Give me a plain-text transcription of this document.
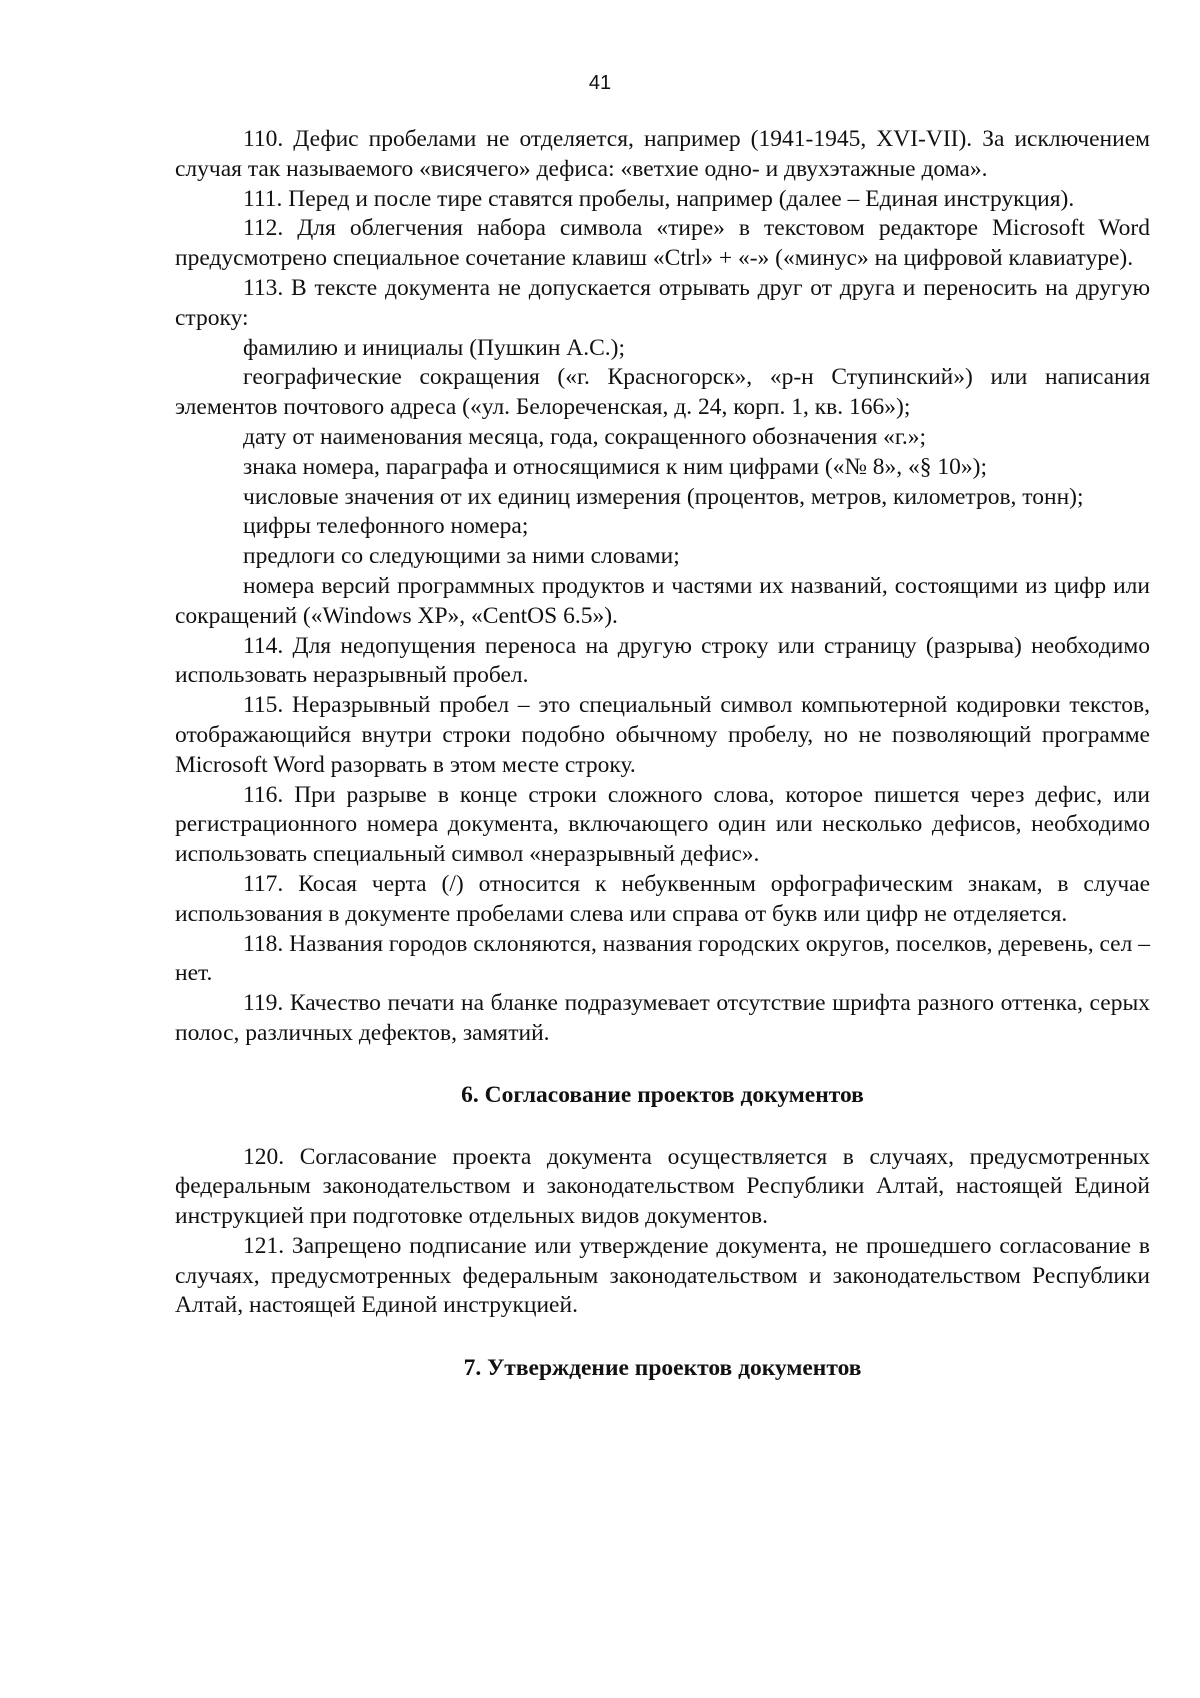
41

110. Дефис пробелами не отделяется, например (1941-1945, XVI-VII). За исключением случая так называемого «висячего» дефиса: «ветхие одно- и двухэтажные дома».

111. Перед и после тире ставятся пробелы, например (далее – Единая инструкция).

112. Для облегчения набора символа «тире» в текстовом редакторе Microsoft Word предусмотрено специальное сочетание клавиш «Ctrl» + «-» («минус» на цифровой клавиатуре).

113. В тексте документа не допускается отрывать друг от друга и переносить на другую строку:

фамилию и инициалы (Пушкин А.С.);

географические сокращения («г. Красногорск», «р-н Ступинский») или написания элементов почтового адреса («ул. Белореченская, д. 24, корп. 1, кв. 166»);

дату от наименования месяца, года, сокращенного обозначения «г.»;

знака номера, параграфа и относящимися к ним цифрами («№ 8», «§ 10»);

числовые значения от их единиц измерения (процентов, метров, километров, тонн);

цифры телефонного номера;

предлоги со следующими за ними словами;

номера версий программных продуктов и частями их названий, состоящими из цифр или сокращений («Windows XP», «CentOS 6.5»).

114. Для недопущения переноса на другую строку или страницу (разрыва) необходимо использовать неразрывный пробел.

115. Неразрывный пробел – это специальный символ компьютерной кодировки текстов, отображающийся внутри строки подобно обычному пробелу, но не позволяющий программе Microsoft Word разорвать в этом месте строку.

116. При разрыве в конце строки сложного слова, которое пишется через дефис, или регистрационного номера документа, включающего один или несколько дефисов, необходимо использовать специальный символ «неразрывный дефис».

117. Косая черта (/) относится к небуквенным орфографическим знакам, в случае использования в документе пробелами слева или справа от букв или цифр не отделяется.

118. Названия городов склоняются, названия городских округов, поселков, деревень, сел – нет.

119. Качество печати на бланке подразумевает отсутствие шрифта разного оттенка, серых полос, различных дефектов, замятий.

6. Согласование проектов документов

120. Согласование проекта документа осуществляется в случаях, предусмотренных федеральным законодательством и законодательством Республики Алтай, настоящей Единой инструкцией при подготовке отдельных видов документов.

121. Запрещено подписание или утверждение документа, не прошедшего согласование в случаях, предусмотренных федеральным законодательством и законодательством Республики Алтай, настоящей Единой инструкцией.

7. Утверждение проектов документов
